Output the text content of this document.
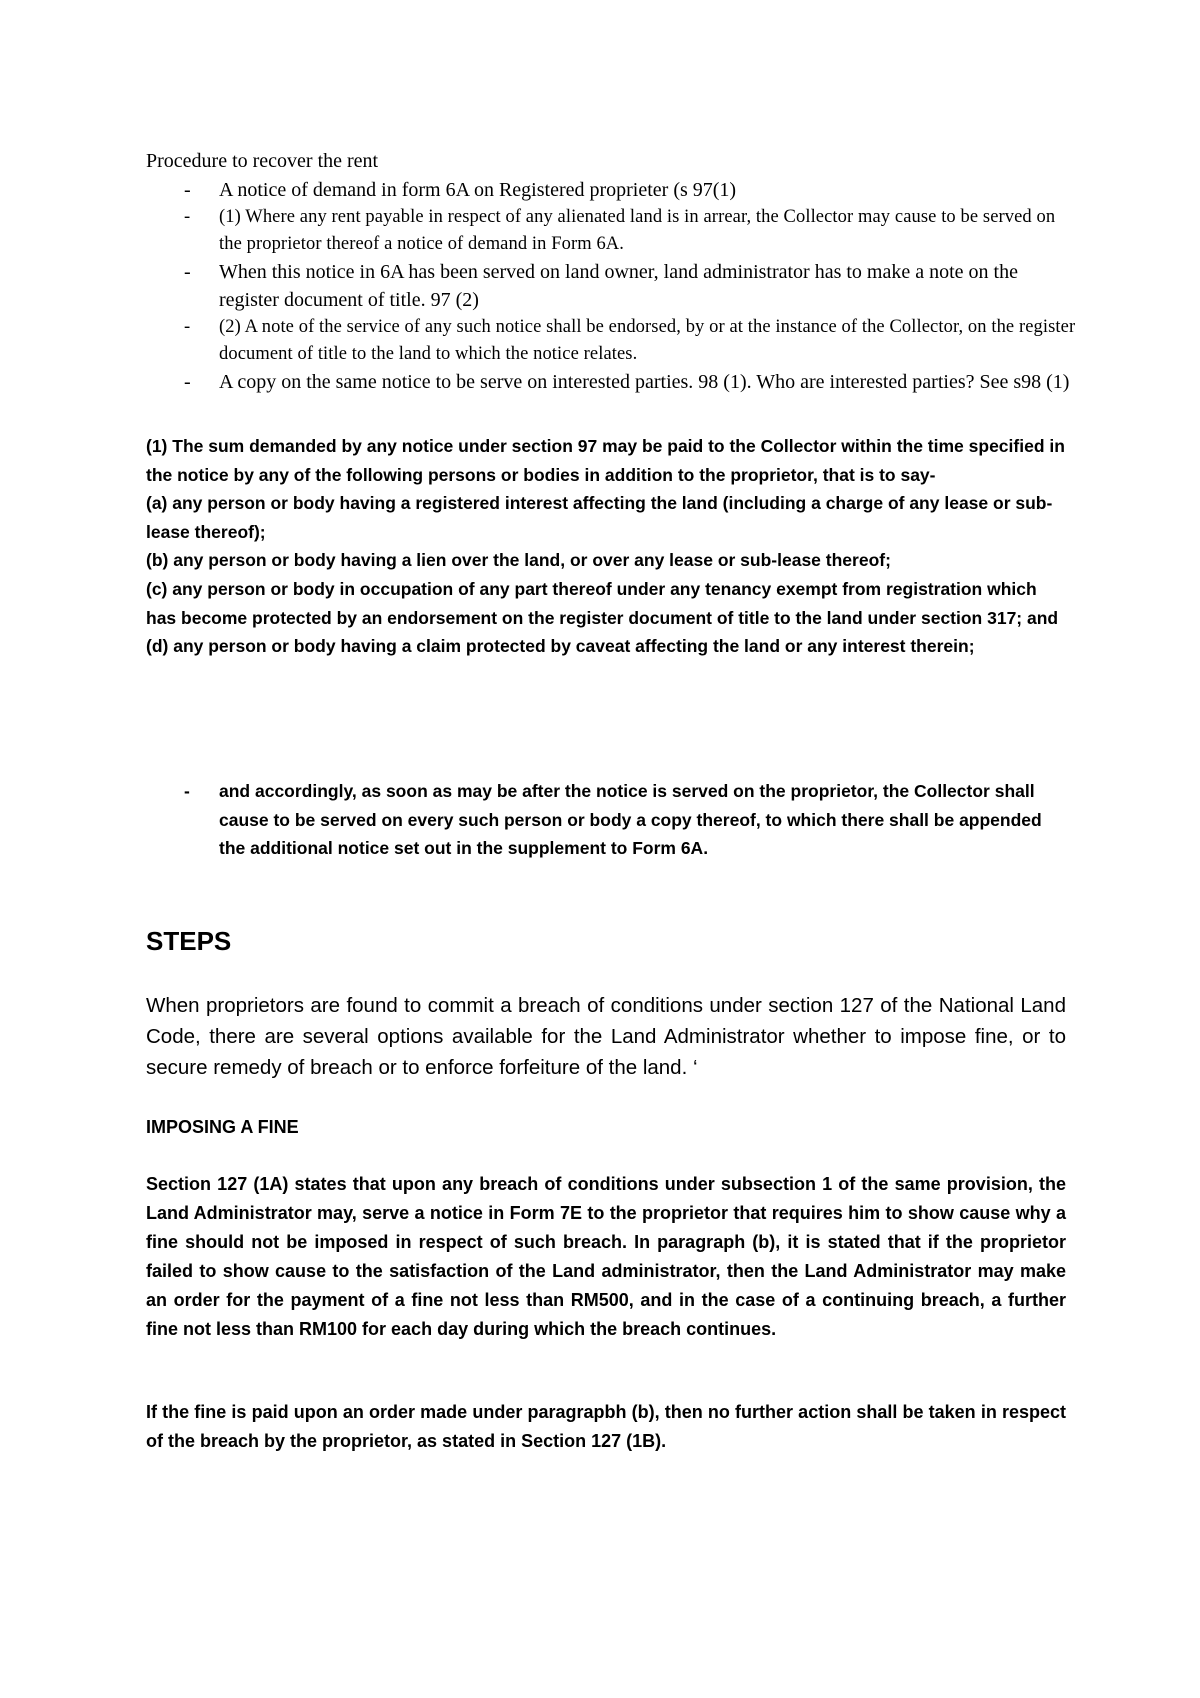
Procedure to recover the rent
- A notice of demand in form 6A on Registered proprieter (s 97(1)
- (1) Where any rent payable in respect of any alienated land is in arrear, the Collector may cause to be served on the proprietor thereof a notice of demand in Form 6A.
- When this notice in 6A has been served on land owner, land administrator has to make a note on the register document of title. 97 (2)
- (2) A note of the service of any such notice shall be endorsed, by or at the instance of the Collector, on the register document of title to the land to which the notice relates.
- A copy on the same notice to be serve on interested parties. 98 (1). Who are interested parties? See s98 (1)

(1) The sum demanded by any notice under section 97 may be paid to the Collector within the time specified in the notice by any of the following persons or bodies in addition to the proprietor, that is to say-

(a) any person or body having a registered interest affecting the land (including a charge of any lease or sub-lease thereof);

(b) any person or body having a lien over the land, or over any lease or sub-lease thereof;

(c) any person or body in occupation of any part thereof under any tenancy exempt from registration which has become protected by an endorsement on the register document of title to the land under section 317; and

(d) any person or body having a claim protected by caveat affecting the land or any interest therein;

- and accordingly, as soon as may be after the notice is served on the proprietor, the Collector shall cause to be served on every such person or body a copy thereof, to which there shall be appended the additional notice set out in the supplement to Form 6A.
STEPS
When proprietors are found to commit a breach of conditions under section 127 of the National Land Code, there are several options available for the Land Administrator whether to impose fine, or to secure remedy of breach or to enforce forfeiture of the land. ‘
IMPOSING A FINE
Section 127 (1A) states that upon any breach of conditions under subsection 1 of the same provision, the Land Administrator may, serve a notice in Form 7E to the proprietor that requires him to show cause why a fine should not be imposed in respect of such breach. In paragraph (b), it is stated that if the proprietor failed to show cause to the satisfaction of the Land administrator, then the Land Administrator may make an order for the payment of a fine not less than RM500, and in the case of a continuing breach, a further fine not less than RM100 for each day during which the breach continues.
If the fine is paid upon an order made under paragrapbh (b), then no further action shall be taken in respect of the breach by the proprietor, as stated in Section 127 (1B).
